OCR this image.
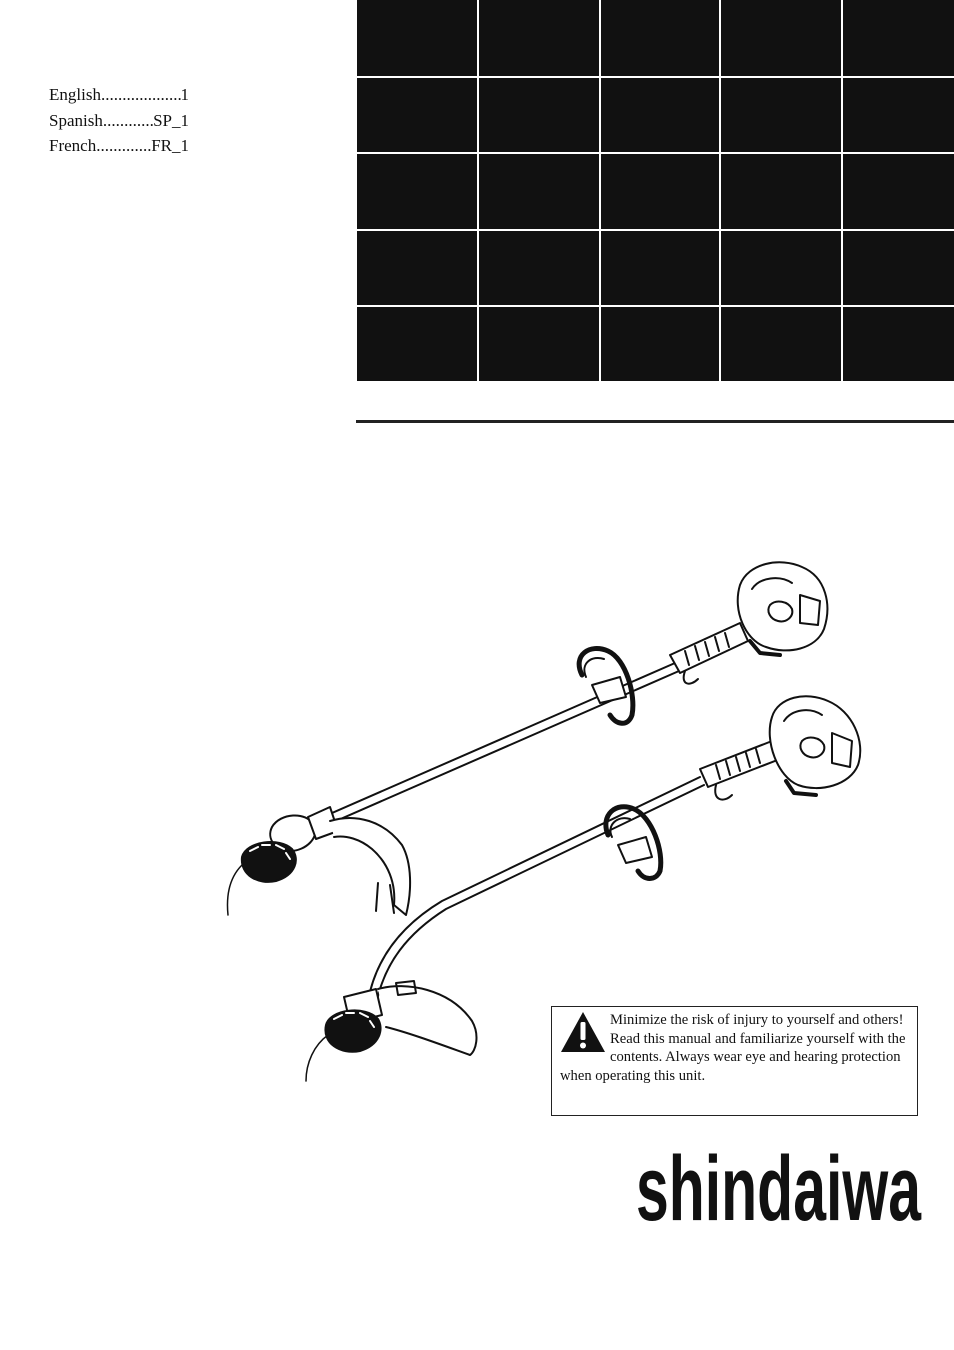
English .....	1
Spanish .....	SP_1
French .....	FR_1
Minimize the risk of injury to yourself and others! Read this manual and familiarize yourself with the contents. Always wear eye and hearing protection when operating this unit.
shindaiwa
